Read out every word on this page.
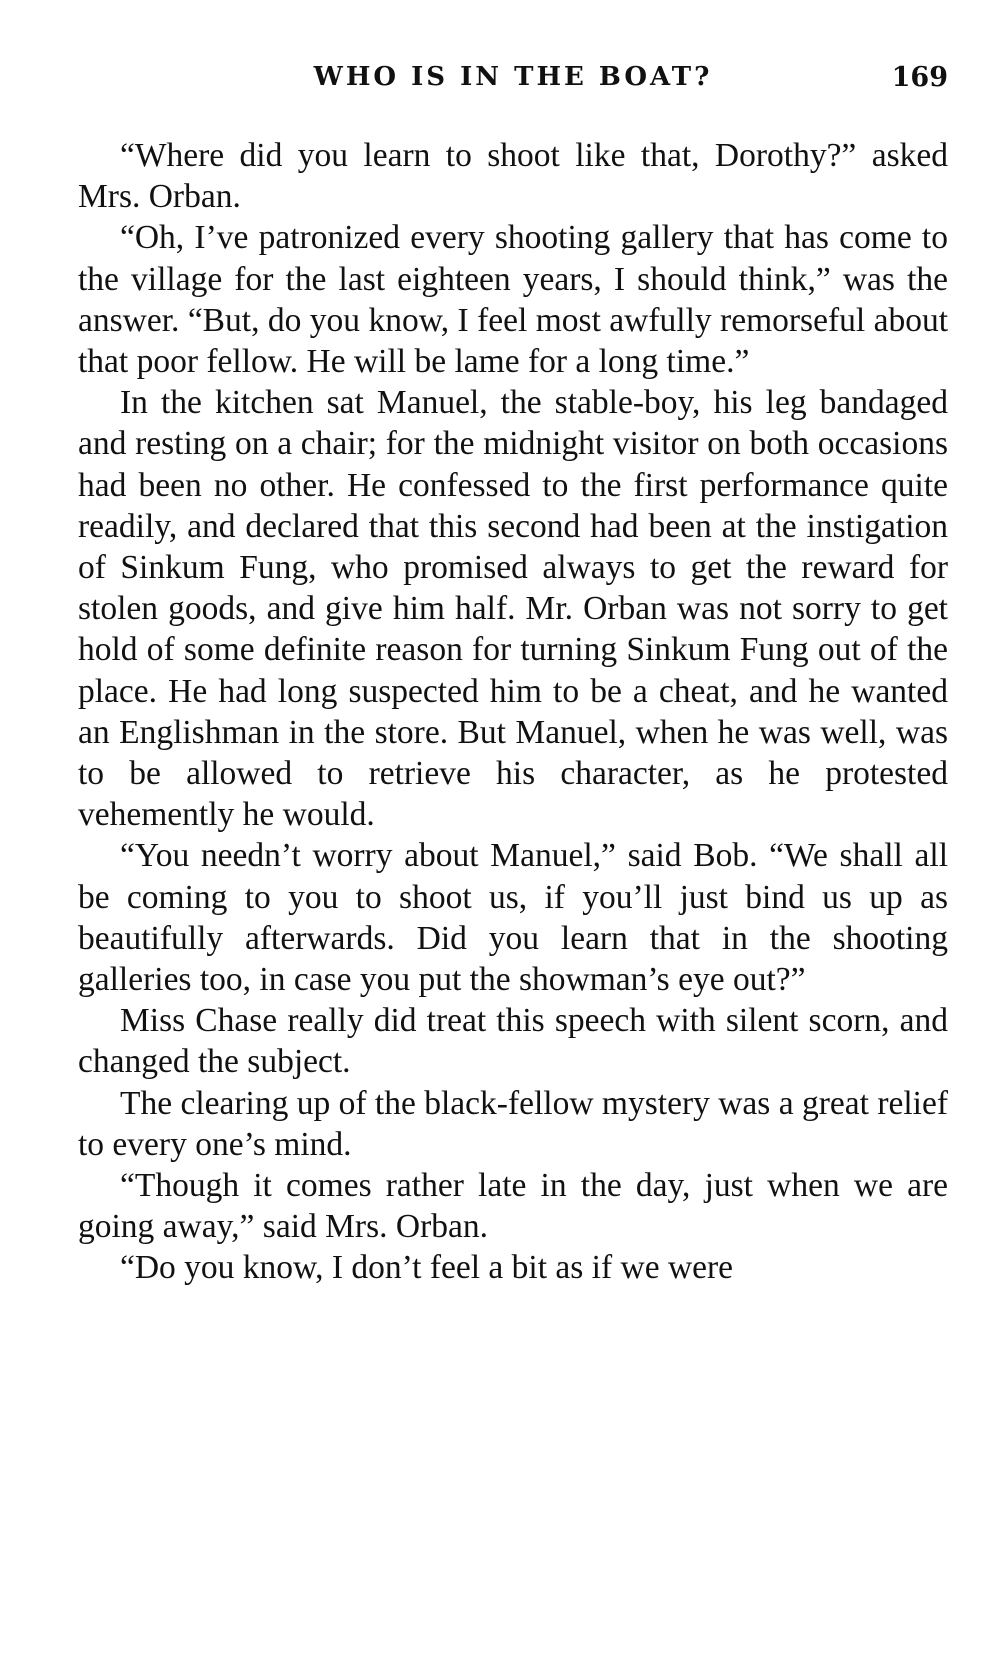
WHO IS IN THE BOAT?	169

“Where did you learn to shoot like that, Dorothy?” asked Mrs. Orban.

“Oh, I’ve patronized every shooting gallery that has come to the village for the last eighteen years, I should think,” was the answer. “But, do you know, I feel most awfully remorseful about that poor fellow. He will be lame for a long time.”

In the kitchen sat Manuel, the stable-boy, his leg bandaged and resting on a chair; for the midnight visitor on both occasions had been no other. He confessed to the first performance quite readily, and declared that this second had been at the instigation of Sinkum Fung, who promised always to get the reward for stolen goods, and give him half. Mr. Orban was not sorry to get hold of some definite reason for turning Sinkum Fung out of the place. He had long suspected him to be a cheat, and he wanted an Englishman in the store. But Manuel, when he was well, was to be allowed to retrieve his character, as he protested vehemently he would.

“You needn’t worry about Manuel,” said Bob. “We shall all be coming to you to shoot us, if you’ll just bind us up as beautifully afterwards. Did you learn that in the shooting galleries too, in case you put the showman’s eye out?”

Miss Chase really did treat this speech with silent scorn, and changed the subject.

The clearing up of the black-fellow mystery was a great relief to every one’s mind.

“Though it comes rather late in the day, just when we are going away,” said Mrs. Orban.

“Do you know, I don’t feel a bit as if we were
